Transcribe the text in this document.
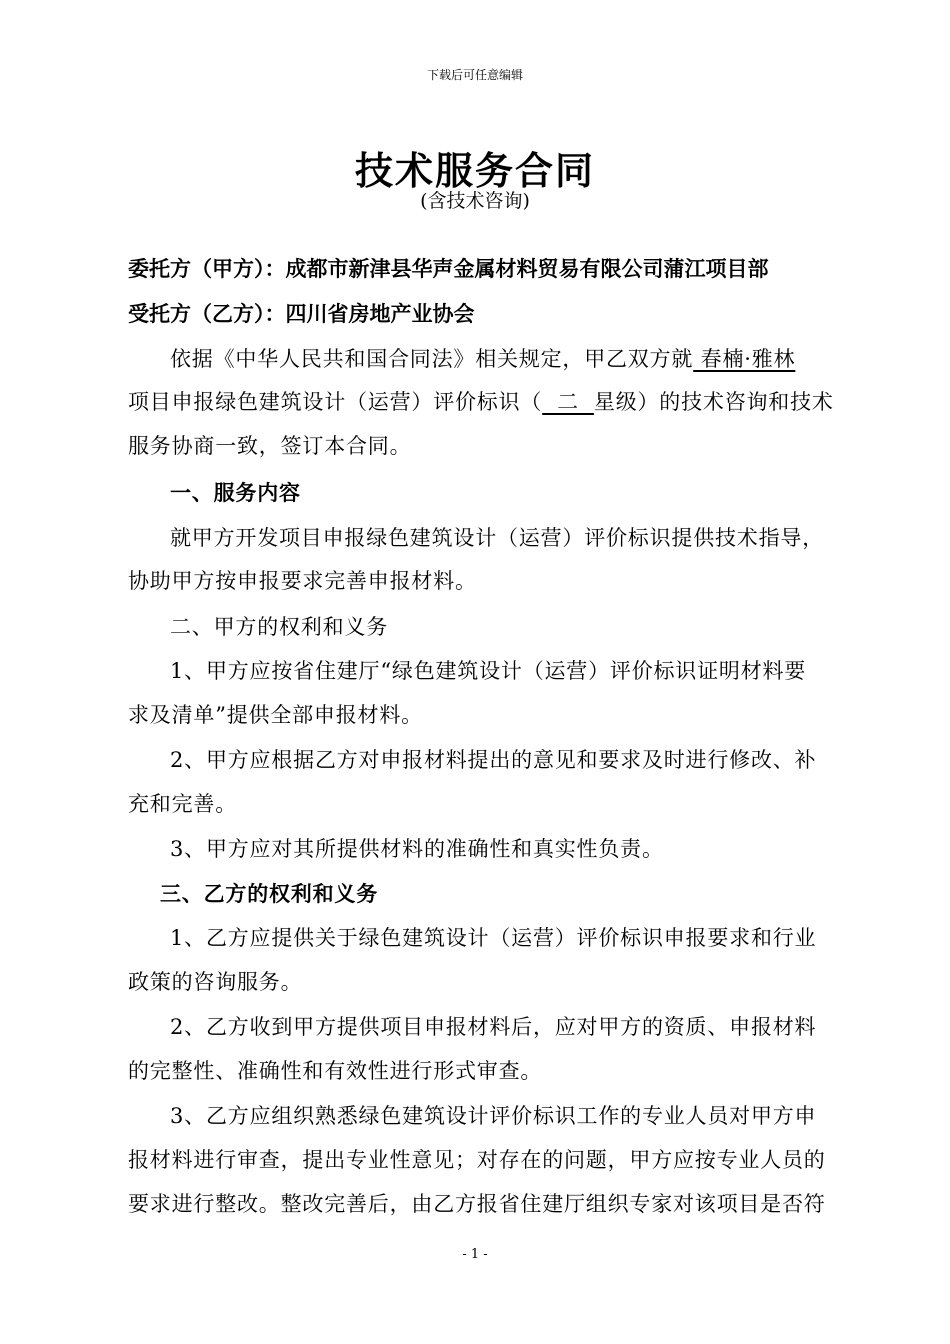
下载后可任意编辑
技术服务合同
(含技术咨询)
委托方（甲方）：成都市新津县华声金属材料贸易有限公司蒲江项目部
受托方（乙方）：四川省房地产业协会
依据《中华人民共和国合同法》相关规定，甲乙双方就 春楠·雅林
项目申报绿色建筑设计（运营）评价标识（  二  星级）的技术咨询和技术
服务协商一致，签订本合同。
一、服务内容
就甲方开发项目申报绿色建筑设计（运营）评价标识提供技术指导，
协助甲方按申报要求完善申报材料。
二、甲方的权利和义务
1、甲方应按省住建厅“绿色建筑设计（运营）评价标识证明材料要
求及清单”提供全部申报材料。
2、甲方应根据乙方对申报材料提出的意见和要求及时进行修改、补
充和完善。
3、甲方应对其所提供材料的准确性和真实性负责。
三、乙方的权利和义务
1、乙方应提供关于绿色建筑设计（运营）评价标识申报要求和行业
政策的咨询服务。
2、乙方收到甲方提供项目申报材料后，应对甲方的资质、申报材料
的完整性、准确性和有效性进行形式审查。
3、乙方应组织熟悉绿色建筑设计评价标识工作的专业人员对甲方申
报材料进行审查，提出专业性意见；对存在的问题，甲方应按专业人员的
要求进行整改。整改完善后，由乙方报省住建厅组织专家对该项目是否符
- 1 -
